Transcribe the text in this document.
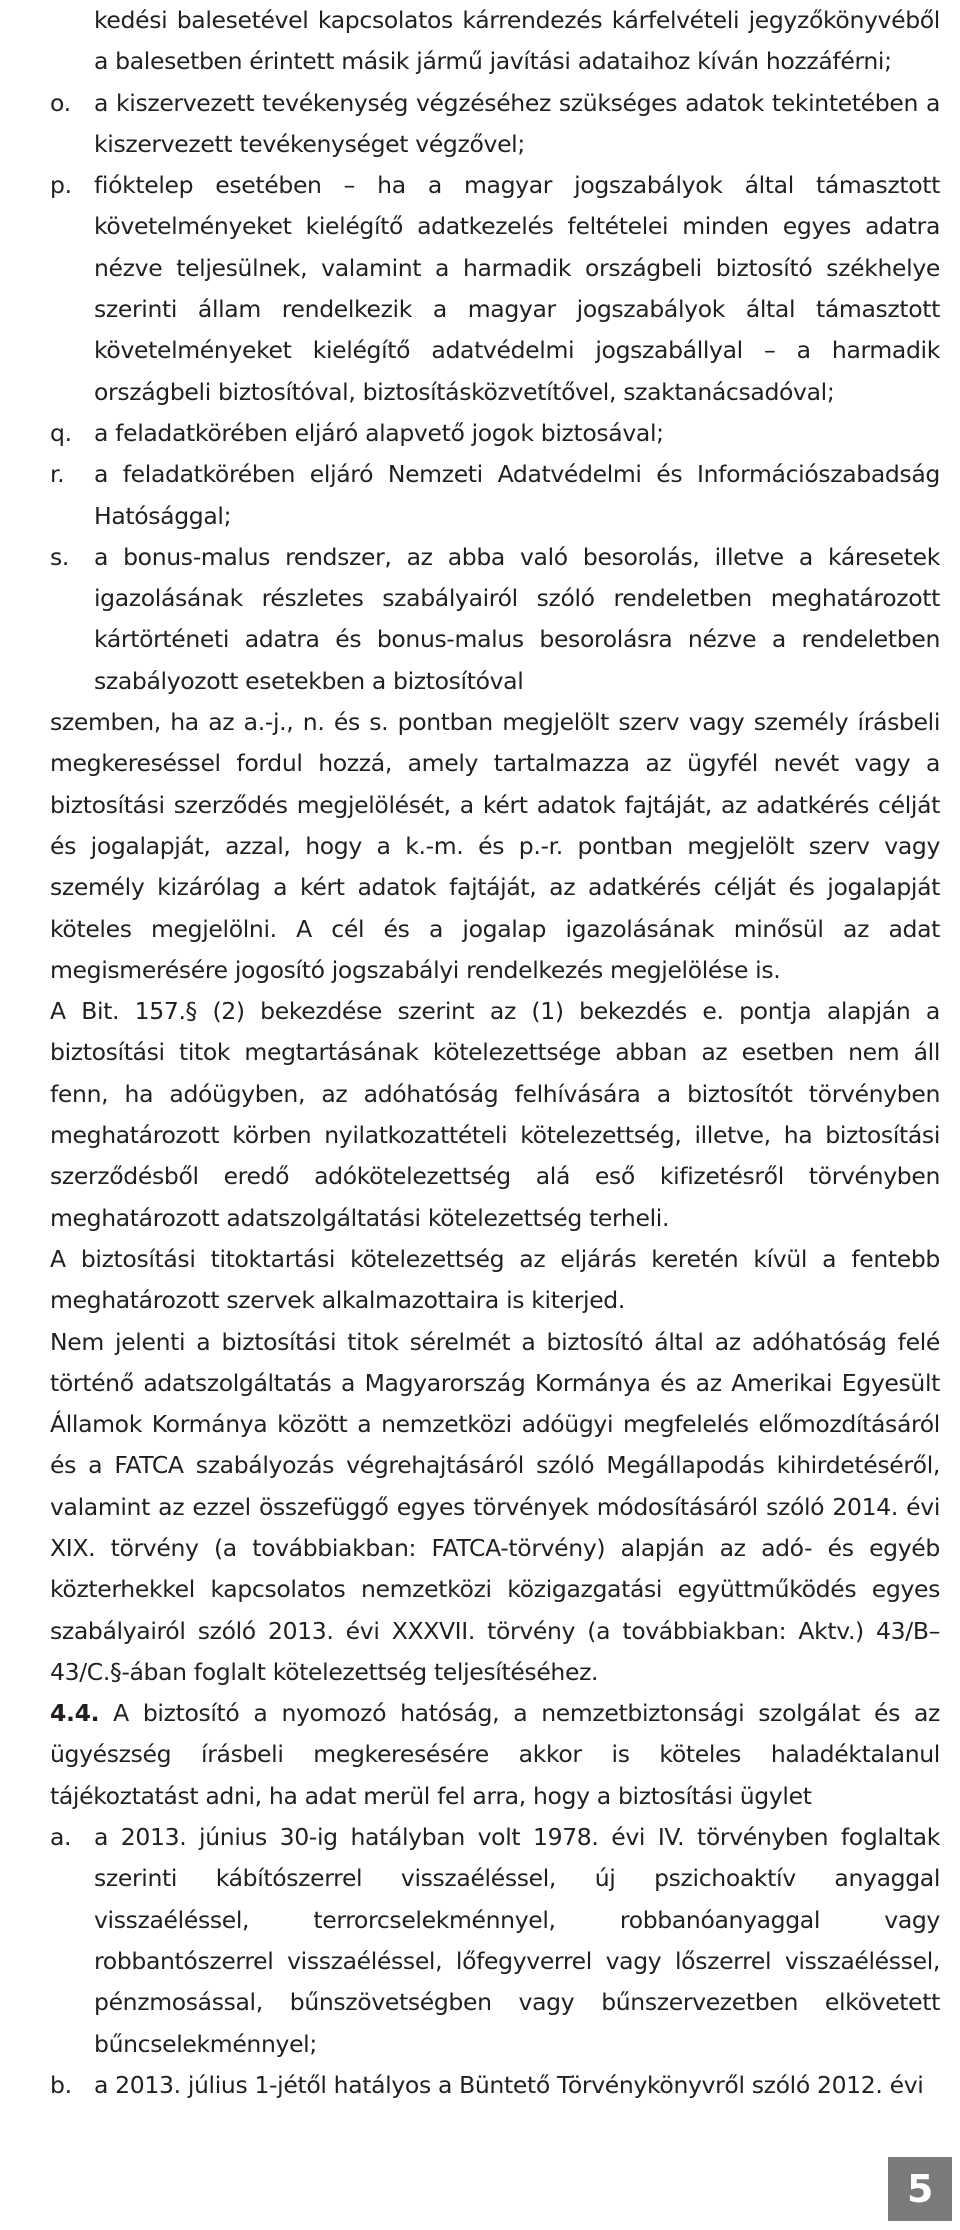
kedési balesetével kapcsolatos kárrendezés kárfelvételi jegyzőkönyvéből a balesetben érintett másik jármű javítási adataihoz kíván hozzáférni;
o. a kiszervezett tevékenység végzéséhez szükséges adatok tekintetében a kiszervezett tevékenységet végzővel;
p. fióktelep esetében – ha a magyar jogszabályok által támasztott követelményeket kielégítő adatkezelés feltételei minden egyes adatra nézve teljesülnek, valamint a harmadik országbeli biztosító székhelye szerinti állam rendelkezik a magyar jogszabályok által támasztott követelményeket kielégítő adatvédelmi jogszabállyal – a harmadik országbeli biztosítóval, biztosításközvetítővel, szaktanácsadóval;
q. a feladatkörében eljáró alapvető jogok biztosával;
r. a feladatkörében eljáró Nemzeti Adatvédelmi és Információszabadság Hatósággal;
s. a bonus-malus rendszer, az abba való besorolás, illetve a káresetek igazolásának részletes szabályairól szóló rendeletben meghatározott kártörténeti adatra és bonus-malus besorolásra nézve a rendeletben szabályozott esetekben a biztosítóval
szemben, ha az a.-j., n. és s. pontban megjelölt szerv vagy személy írásbeli megkereséssel fordul hozzá, amely tartalmazza az ügyfél nevét vagy a biztosítási szerződés megjelölését, a kért adatok fajtáját, az adatkérés célját és jogalapját, azzal, hogy a k.-m. és p.-r. pontban megjelölt szerv vagy személy kizárólag a kért adatok fajtáját, az adatkérés célját és jogalapját köteles megjelölni. A cél és a jogalap igazolásának minősül az adat megismerésére jogosító jogszabályi rendelkezés megjelölése is.
A Bit. 157.§ (2) bekezdése szerint az (1) bekezdés e. pontja alapján a biztosítási titok megtartásának kötelezettsége abban az esetben nem áll fenn, ha adóügyben, az adóhatóság felhívására a biztosítót törvényben meghatározott körben nyilatkozattételi kötelezettség, illetve, ha biztosítási szerződésből eredő adókötelezettség alá eső kifizetésről törvényben meghatározott adatszolgáltatási kötelezettség terheli.
A biztosítási titoktartási kötelezettség az eljárás keretén kívül a fentebb meghatározott szervek alkalmazottaira is kiterjed.
Nem jelenti a biztosítási titok sérelmét a biztosító által az adóhatóság felé történő adatszolgáltatás a Magyarország Kormánya és az Amerikai Egyesült Államok Kormánya között a nemzetközi adóügyi megfelelés előmozdításáról és a FATCA szabályozás végrehajtásáról szóló Megállapodás kihirdetéséről, valamint az ezzel összefüggő egyes törvények módosításáról szóló 2014. évi XIX. törvény (a továbbiakban: FATCA-törvény) alapján az adó- és egyéb közterhekkel kapcsolatos nemzetközi közigazgatási együttműködés egyes szabályairól szóló 2013. évi XXXVII. törvény (a továbbiakban: Aktv.) 43/B–43/C.§-ában foglalt kötelezettség teljesítéséhez.
4.4. A biztosító a nyomozó hatóság, a nemzetbiztonsági szolgálat és az ügyészség írásbeli megkeresésére akkor is köteles haladéktalanul tájékoztatást adni, ha adat merül fel arra, hogy a biztosítási ügylet
a. a 2013. június 30-ig hatályban volt 1978. évi IV. törvényben foglaltak szerinti kábítószerrel visszaéléssel, új pszichoaktív anyaggal visszaéléssel, terrorcselekménnyel, robbanóanyaggal vagy robbantószerrel visszaéléssel, lőfegyverrel vagy lőszerrel visszaéléssel, pénzmosással, bűnszövetségben vagy bűnszervezetben elkövetett bűncselekménnyel;
b. a 2013. július 1-jétől hatályos a Büntető Törvénykönyvről szóló 2012. évi
5
